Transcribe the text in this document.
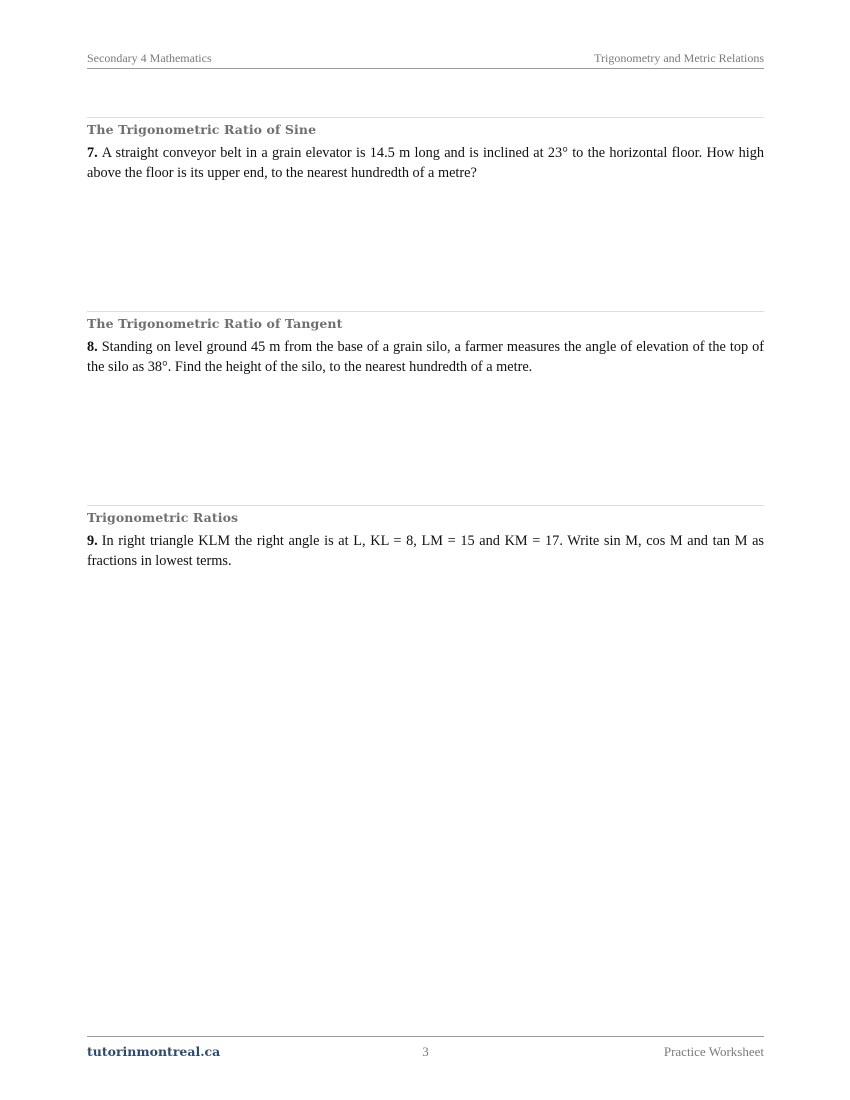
Secondary 4 Mathematics	Trigonometry and Metric Relations
The Trigonometric Ratio of Sine
7. A straight conveyor belt in a grain elevator is 14.5 m long and is inclined at 23° to the horizontal floor. How high above the floor is its upper end, to the nearest hundredth of a metre?
The Trigonometric Ratio of Tangent
8. Standing on level ground 45 m from the base of a grain silo, a farmer measures the angle of elevation of the top of the silo as 38°. Find the height of the silo, to the nearest hundredth of a metre.
Trigonometric Ratios
9. In right triangle KLM the right angle is at L, KL = 8, LM = 15 and KM = 17. Write sin M, cos M and tan M as fractions in lowest terms.
tutorinmontreal.ca	3	Practice Worksheet
